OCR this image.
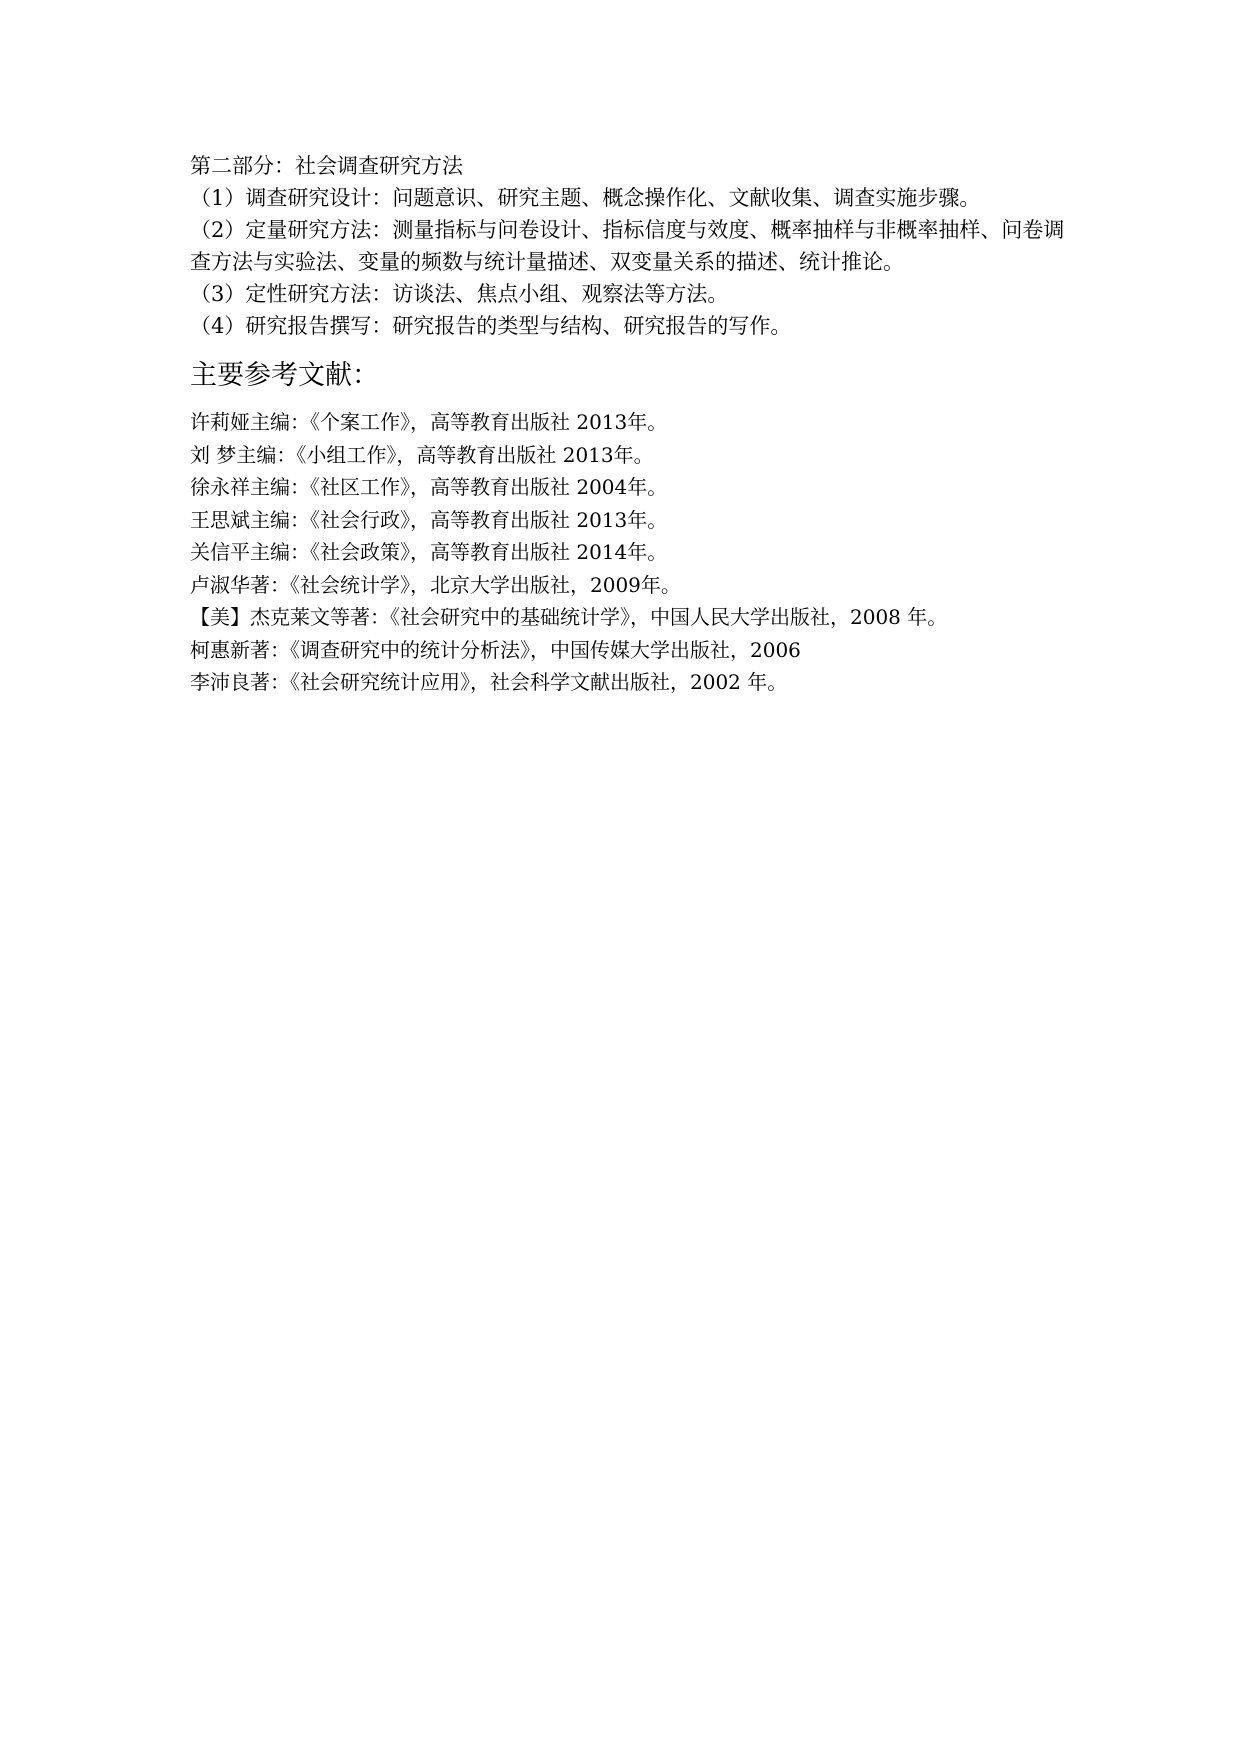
第二部分：社会调查研究方法

（1）调查研究设计：问题意识、研究主题、概念操作化、文献收集、调查实施步骤。

（2）定量研究方法：测量指标与问卷设计、指标信度与效度、概率抽样与非概率抽样、问卷调查方法与实验法、变量的频数与统计量描述、双变量关系的描述、统计推论。

（3）定性研究方法：访谈法、焦点小组、观察法等方法。

（4）研究报告撰写：研究报告的类型与结构、研究报告的写作。

主要参考文献：

许莉娅主编：《个案工作》，高等教育出版社 2013年。

刘 梦主编：《小组工作》，高等教育出版社 2013年。

徐永祥主编：《社区工作》，高等教育出版社 2004年。

王思斌主编：《社会行政》，高等教育出版社 2013年。

关信平主编：《社会政策》，高等教育出版社 2014年。

卢淑华著：《社会统计学》，北京大学出版社，2009年。

【美】杰克莱文等著：《社会研究中的基础统计学》，中国人民大学出版社，2008 年。

柯惠新著：《调查研究中的统计分析法》，中国传媒大学出版社，2006

李沛良著：《社会研究统计应用》，社会科学文献出版社，2002 年。
